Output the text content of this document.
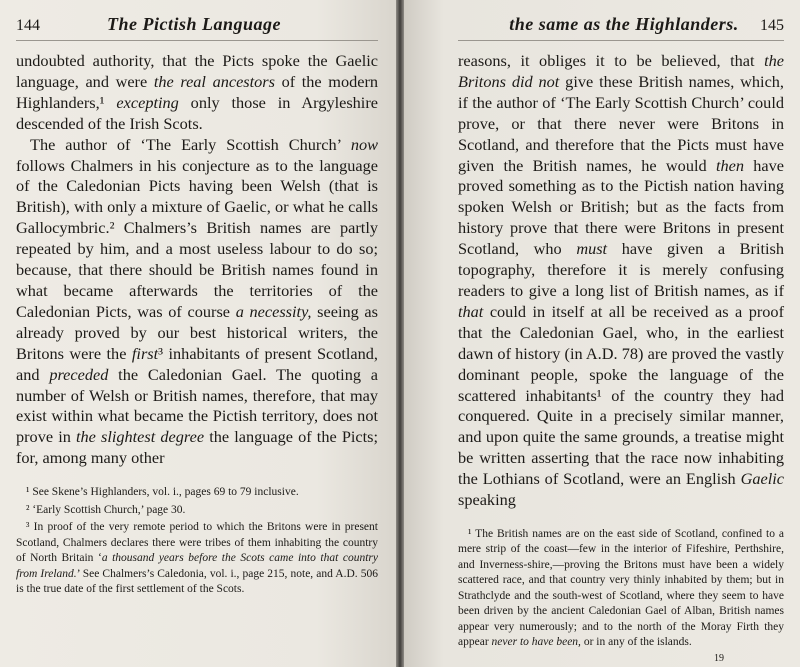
144	The Pictish Language

undoubted authority, that the Picts spoke the Gaelic language, and were the real ancestors of the modern Highlanders,¹ excepting only those in Argyleshire descended of the Irish Scots.

The author of ‘The Early Scottish Church’ now follows Chalmers in his conjecture as to the language of the Caledonian Picts having been Welsh (that is British), with only a mixture of Gaelic, or what he calls Gallocymbric.² Chalmers’s British names are partly repeated by him, and a most useless labour to do so; because, that there should be British names found in what became afterwards the territories of the Caledonian Picts, was of course a necessity, seeing as already proved by our best historical writers, the Britons were the first³ inhabitants of present Scotland, and preceded the Caledonian Gael. The quoting a number of Welsh or British names, therefore, that may exist within what became the Pictish territory, does not prove in the slightest degree the language of the Picts; for, among many other

¹ See Skene’s Highlanders, vol. i., pages 69 to 79 inclusive.

² ‘Early Scottish Church,’ page 30.

³ In proof of the very remote period to which the Britons were in present Scotland, Chalmers declares there were tribes of them inhabiting the country of North Britain ‘a thousand years before the Scots came into that country from Ireland.’ See Chalmers’s Caledonia, vol. i., page 215, note, and A.D. 506 is the true date of the first settlement of the Scots.

the same as the Highlanders. 145

reasons, it obliges it to be believed, that the Britons did not give these British names, which, if the author of ‘The Early Scottish Church’ could prove, or that there never were Britons in Scotland, and therefore that the Picts must have given the British names, he would then have proved something as to the Pictish nation having spoken Welsh or British; but as the facts from history prove that there were Britons in present Scotland, who must have given a British topography, therefore it is merely confusing readers to give a long list of British names, as if that could in itself at all be received as a proof that the Caledonian Gael, who, in the earliest dawn of history (in A.D. 78) are proved the vastly dominant people, spoke the language of the scattered inhabitants¹ of the country they had conquered. Quite in a precisely similar manner, and upon quite the same grounds, a treatise might be written asserting that the race now inhabiting the Lothians of Scotland, were an English Gaelic speaking

¹ The British names are on the east side of Scotland, confined to a mere strip of the coast—few in the interior of Fifeshire, Perthshire, and Inverness-shire,—proving the Britons must have been a widely scattered race, and that country very thinly inhabited by them; but in Strathclyde and the south-west of Scotland, where they seem to have been driven by the ancient Caledonian Gael of Alban, British names appear very numerously; and to the north of the Moray Firth they appear never to have been, or in any of the islands.

19
